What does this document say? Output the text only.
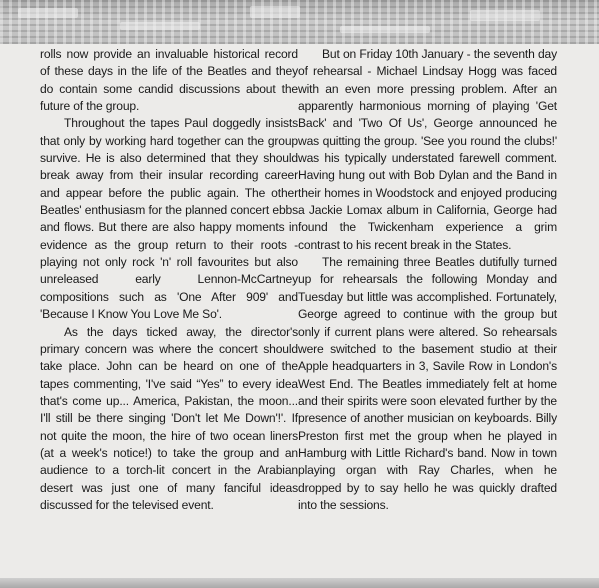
rolls now provide an invaluable historical record of these days in the life of the Beatles and they do contain some candid discussions about the future of the group.

Throughout the tapes Paul doggedly insists that only by working hard together can the group survive. He is also determined that they should break away from their insular recording career and appear before the public again. The other Beatles' enthusiasm for the planned concert ebbs and flows. But there are also happy moments in evidence as the group return to their roots - playing not only rock 'n' roll favourites but also unreleased early Lennon-McCartney compositions such as 'One After 909' and 'Because I Know You Love Me So'.

As the days ticked away, the director's primary concern was where the concert should take place. John can be heard on one of the tapes commenting, 'I've said “Yes” to every idea that's come up... America, Pakistan, the moon... I'll still be there singing 'Don't let Me Down'!'. If not quite the moon, the hire of two ocean liners (at a week's notice!) to take the group and an audience to a torch-lit concert in the Arabian desert was just one of many fanciful ideas discussed for the televised event.

But on Friday 10th January - the seventh day of rehearsal - Michael Lindsay Hogg was faced with an even more pressing problem. After an apparently harmonious morning of playing 'Get Back' and 'Two Of Us', George announced he was quitting the group. 'See you round the clubs!' was his typically understated farewell comment. Having hung out with Bob Dylan and the Band in their homes in Woodstock and enjoyed producing a Jackie Lomax album in California, George had found the Twickenham experience a grim contrast to his recent break in the States.

The remaining three Beatles dutifully turned up for rehearsals the following Monday and Tuesday but little was accomplished. Fortunately, George agreed to continue with the group but only if current plans were altered. So rehearsals were switched to the basement studio at their Apple headquarters in 3, Savile Row in London's West End. The Beatles immediately felt at home and their spirits were soon elevated further by the presence of another musician on keyboards. Billy Preston first met the group when he played in Hamburg with Little Richard's band. Now in town playing organ with Ray Charles, when he dropped by to say hello he was quickly drafted into the sessions.
